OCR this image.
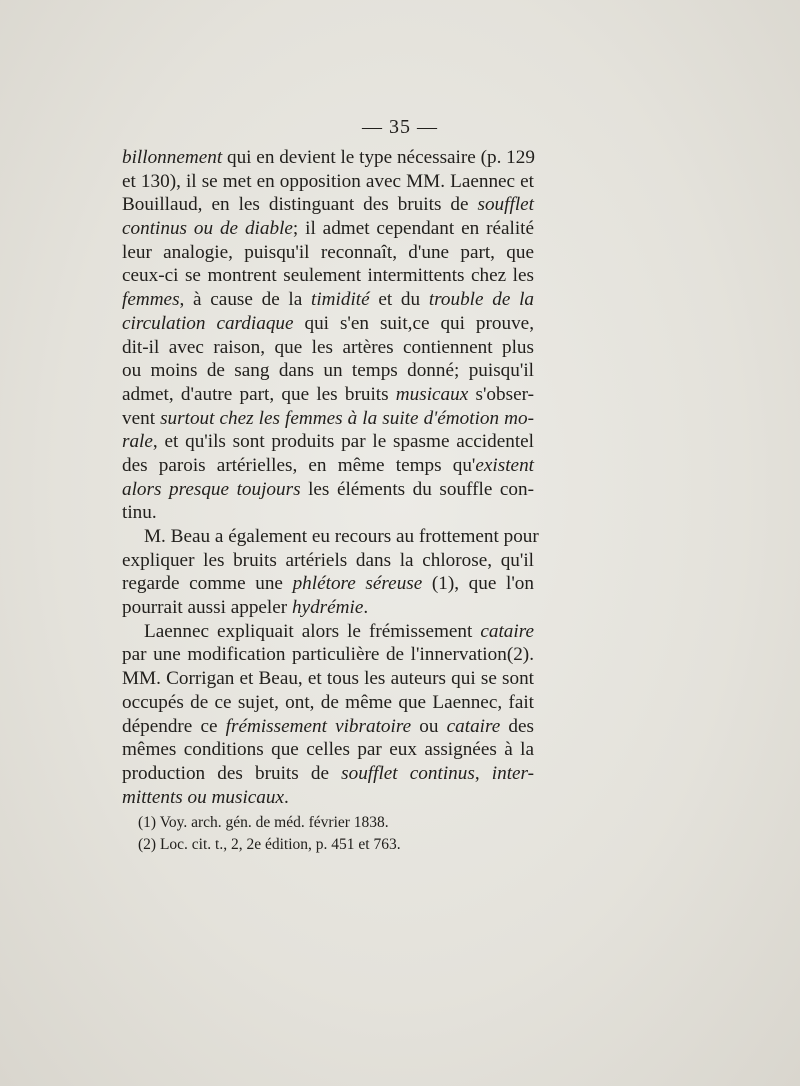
— 35 —
billonnement qui en devient le type nécessaire (p. 129
et 130), il se met en opposition avec MM. Laennec et
Bouillaud, en les distinguant des bruits de soufflet
continus ou de diable; il admet cependant en réalité
leur analogie, puisqu'il reconnaît, d'une part, que
ceux-ci se montrent seulement intermittents chez les
femmes, à cause de la timidité et du trouble de la
circulation cardiaque qui s'en suit,ce qui prouve,
dit-il avec raison, que les artères contiennent plus
ou moins de sang dans un temps donné; puisqu'il
admet, d'autre part, que les bruits musicaux s'obser-
vent surtout chez les femmes à la suite d'émotion mo-
rale, et qu'ils sont produits par le spasme accidentel
des parois artérielles, en même temps qu'existent
alors presque toujours les éléments du souffle con-
tinu.
M. Beau a également eu recours au frottement pour
expliquer les bruits artériels dans la chlorose, qu'il
regarde comme une phlétore séreuse (1), que l'on
pourrait aussi appeler hydrémie.
Laennec expliquait alors le frémissement cataire
par une modification particulière de l'innervation(2).
MM. Corrigan et Beau, et tous les auteurs qui se sont
occupés de ce sujet, ont, de même que Laennec, fait
dépendre ce frémissement vibratoire ou cataire des
mêmes conditions que celles par eux assignées à la
production des bruits de soufflet continus, inter-
mittents ou musicaux.
(1) Voy. arch. gén. de méd. février 1838.
(2) Loc. cit. t., 2, 2e édition, p. 451 et 763.
